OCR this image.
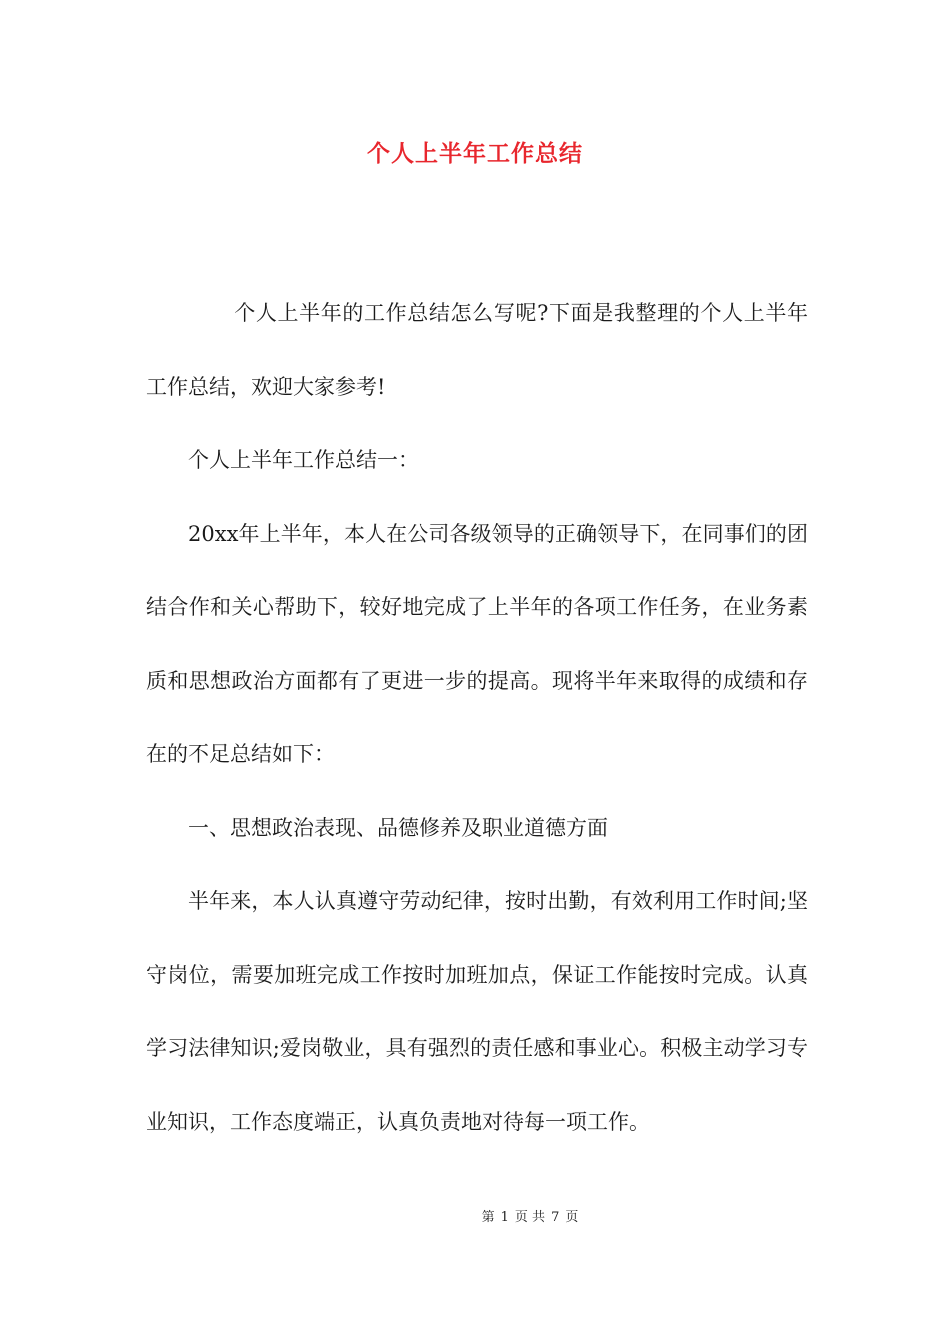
个人上半年工作总结

个人上半年的工作总结怎么写呢?下面是我整理的个人上半年工作总结，欢迎大家参考!

个人上半年工作总结一：

20xx年上半年，本人在公司各级领导的正确领导下，在同事们的团结合作和关心帮助下，较好地完成了上半年的各项工作任务，在业务素质和思想政治方面都有了更进一步的提高。现将半年来取得的成绩和存在的不足总结如下：

一、思想政治表现、品德修养及职业道德方面

半年来，本人认真遵守劳动纪律，按时出勤，有效利用工作时间;坚守岗位，需要加班完成工作按时加班加点，保证工作能按时完成。认真学习法律知识;爱岗敬业，具有强烈的责任感和事业心。积极主动学习专业知识，工作态度端正，认真负责地对待每一项工作。

第 1 页 共 7 页
